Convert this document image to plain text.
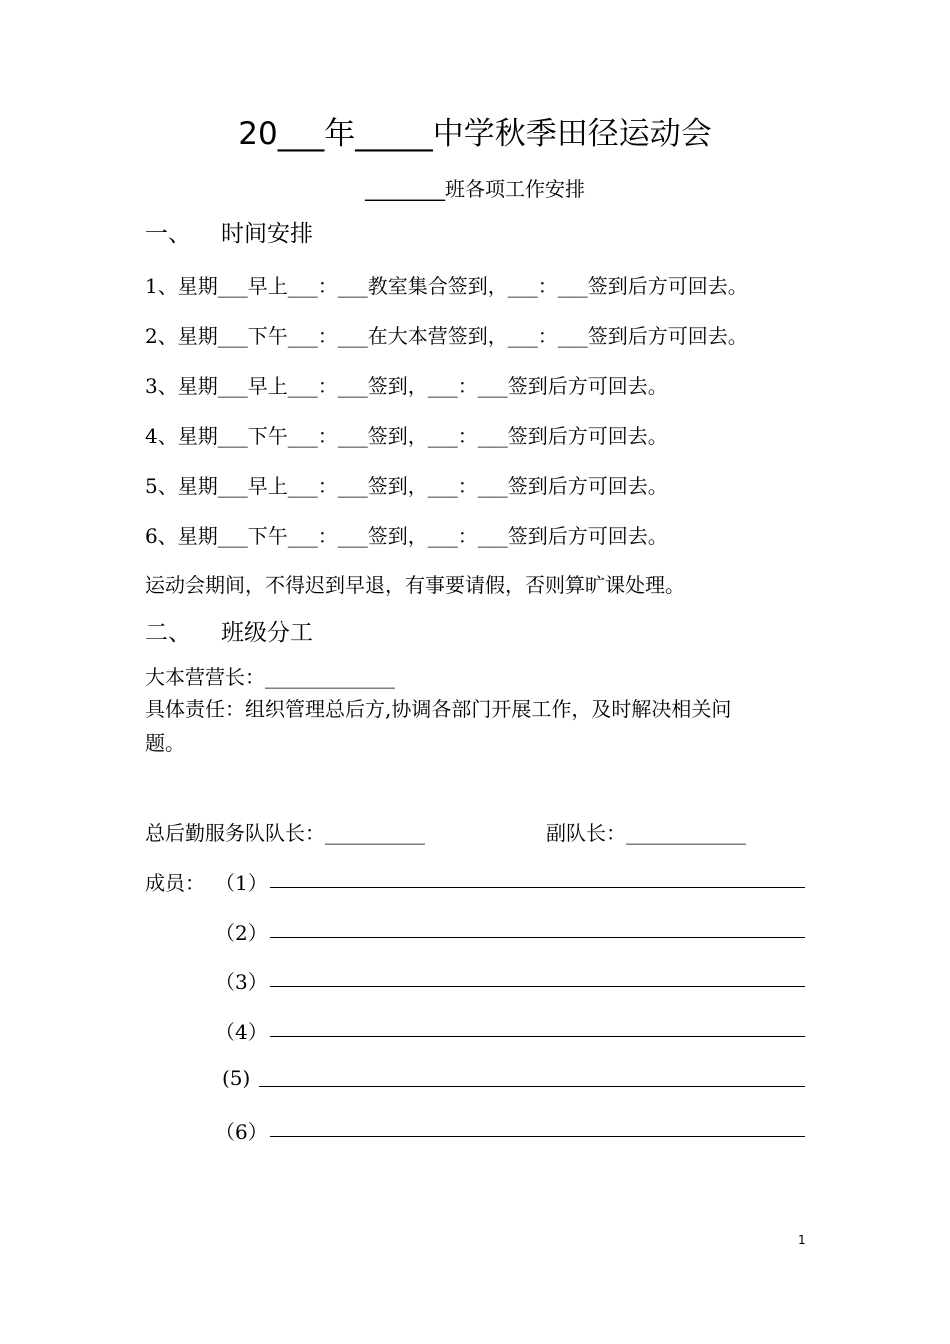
20___年_____中学秋季田径运动会
________班各项工作安排
一、 时间安排
1、星期___早上___：___教室集合签到，___：___签到后方可回去。
2、星期___下午___：___在大本营签到，___：___签到后方可回去。
3、星期___早上___：___签到，___：___签到后方可回去。
4、星期___下午___：___签到，___：___签到后方可回去。
5、星期___早上___：___签到，___：___签到后方可回去。
6、星期___下午___：___签到，___：___签到后方可回去。
运动会期间，不得迟到早退，有事要请假，否则算旷课处理。
二、 班级分工
大本营营长：_____________
具体责任：组织管理总后方,协调各部门开展工作，及时解决相关问
题。
总后勤服务队队长：__________	副队长：____________
成员： （1）
（2）
（3）
（4）
(5)
（6）
1
